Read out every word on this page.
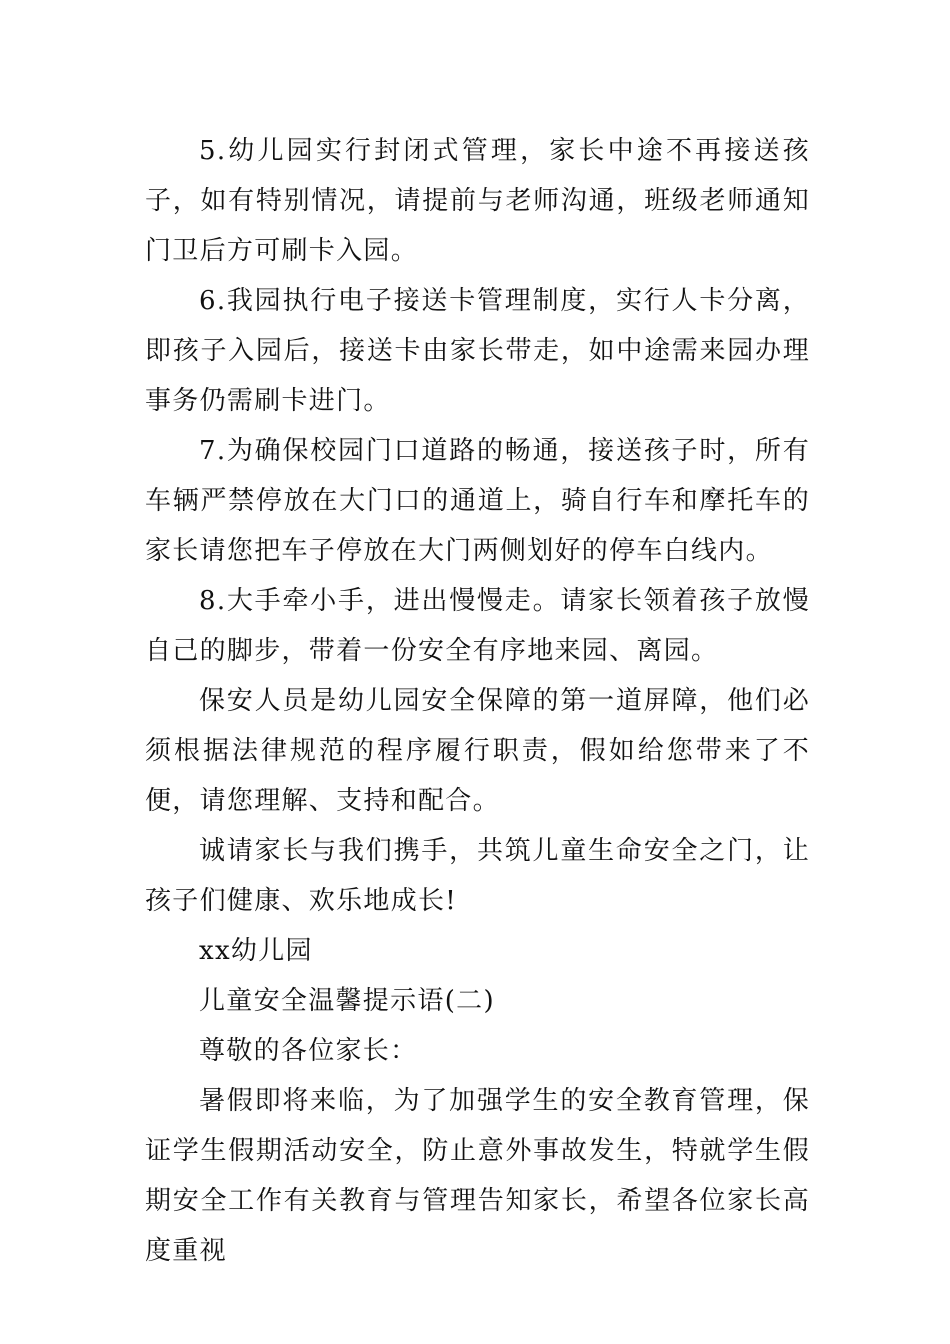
5.幼儿园实行封闭式管理，家长中途不再接送孩子，如有特别情况，请提前与老师沟通，班级老师通知门卫后方可刷卡入园。

6.我园执行电子接送卡管理制度，实行人卡分离，即孩子入园后，接送卡由家长带走，如中途需来园办理事务仍需刷卡进门。

7.为确保校园门口道路的畅通，接送孩子时，所有车辆严禁停放在大门口的通道上，骑自行车和摩托车的家长请您把车子停放在大门两侧划好的停车白线内。

8.大手牵小手，进出慢慢走。请家长领着孩子放慢自己的脚步，带着一份安全有序地来园、离园。

保安人员是幼儿园安全保障的第一道屏障，他们必须根据法律规范的程序履行职责，假如给您带来了不便，请您理解、支持和配合。

诚请家长与我们携手，共筑儿童生命安全之门，让孩子们健康、欢乐地成长!

xx幼儿园

儿童安全温馨提示语(二)

尊敬的各位家长：

暑假即将来临，为了加强学生的安全教育管理，保证学生假期活动安全，防止意外事故发生，特就学生假期安全工作有关教育与管理告知家长，希望各位家长高度重视
